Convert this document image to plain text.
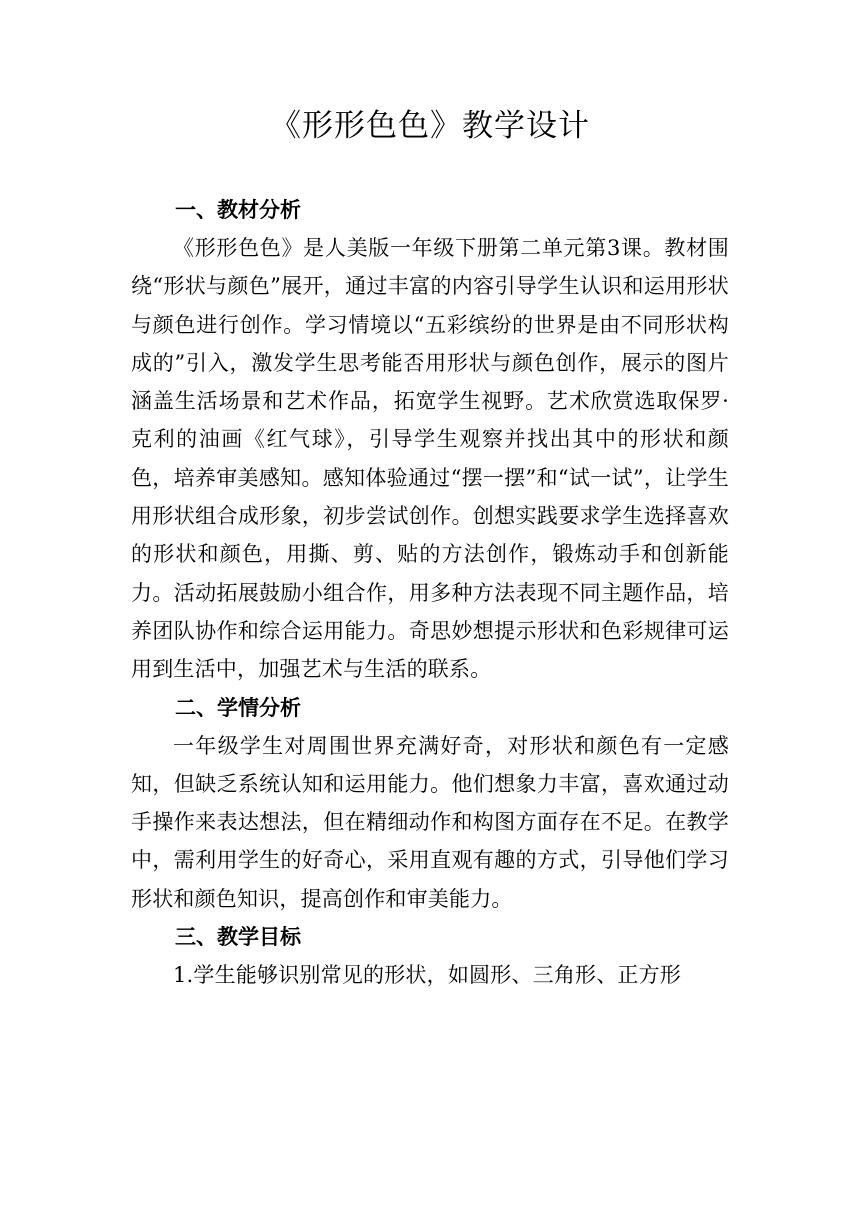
《形形色色》教学设计
一、教材分析

《形形色色》是人美版一年级下册第二单元第3课。教材围绕“形状与颜色”展开，通过丰富的内容引导学生认识和运用形状与颜色进行创作。学习情境以“五彩缤纷的世界是由不同形状构成的”引入，激发学生思考能否用形状与颜色创作，展示的图片涵盖生活场景和艺术作品，拓宽学生视野。艺术欣赏选取保罗·克利的油画《红气球》，引导学生观察并找出其中的形状和颜色，培养审美感知。感知体验通过“摆一摆”和“试一试”，让学生用形状组合成形象，初步尝试创作。创想实践要求学生选择喜欢的形状和颜色，用撕、剪、贴的方法创作，锻炼动手和创新能力。活动拓展鼓励小组合作，用多种方法表现不同主题作品，培养团队协作和综合运用能力。奇思妙想提示形状和色彩规律可运用到生活中，加强艺术与生活的联系。

二、学情分析

一年级学生对周围世界充满好奇，对形状和颜色有一定感知，但缺乏系统认知和运用能力。他们想象力丰富，喜欢通过动手操作来表达想法，但在精细动作和构图方面存在不足。在教学中，需利用学生的好奇心，采用直观有趣的方式，引导他们学习形状和颜色知识，提高创作和审美能力。

三、教学目标

1.学生能够识别常见的形状，如圆形、三角形、正方形
